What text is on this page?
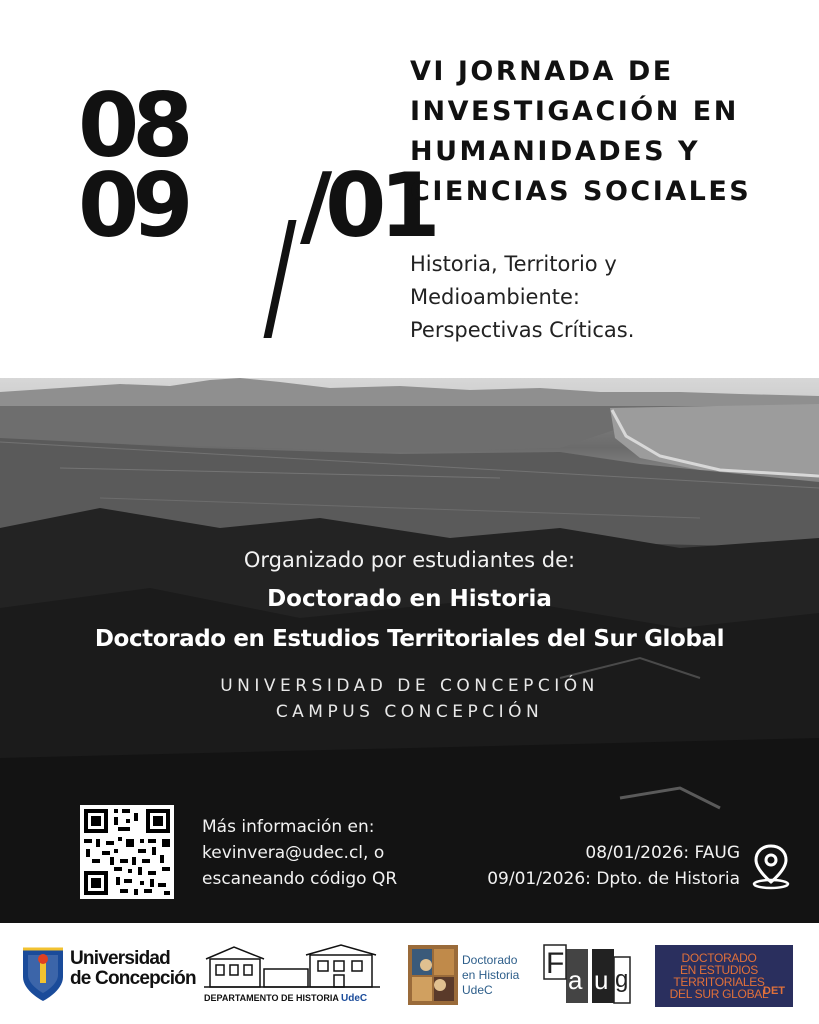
08
09 /01
VI JORNADA DE
INVESTIGACIÓN EN
HUMANIDADES Y
CIENCIAS SOCIALES
Historia, Territorio y
Medioambiente:
Perspectivas Críticas.
Organizado por estudiantes de:
Doctorado en Historia
Doctorado en Estudios Territoriales del Sur Global
UNIVERSIDAD DE CONCEPCIÓN
CAMPUS CONCEPCIÓN
Más información en:
kevinvera@udec.cl, o
escaneando código QR
08/01/2026: FAUG
09/01/2026: Dpto. de Historia
Universidad
de Concepción
DEPARTAMENTO DE HISTORIA UdeC
Doctorado
en Historia
UdeC
F a u g
DOCTORADO
EN ESTUDIOS
TERRITORIALES
DEL SUR GLOBAL
DET
